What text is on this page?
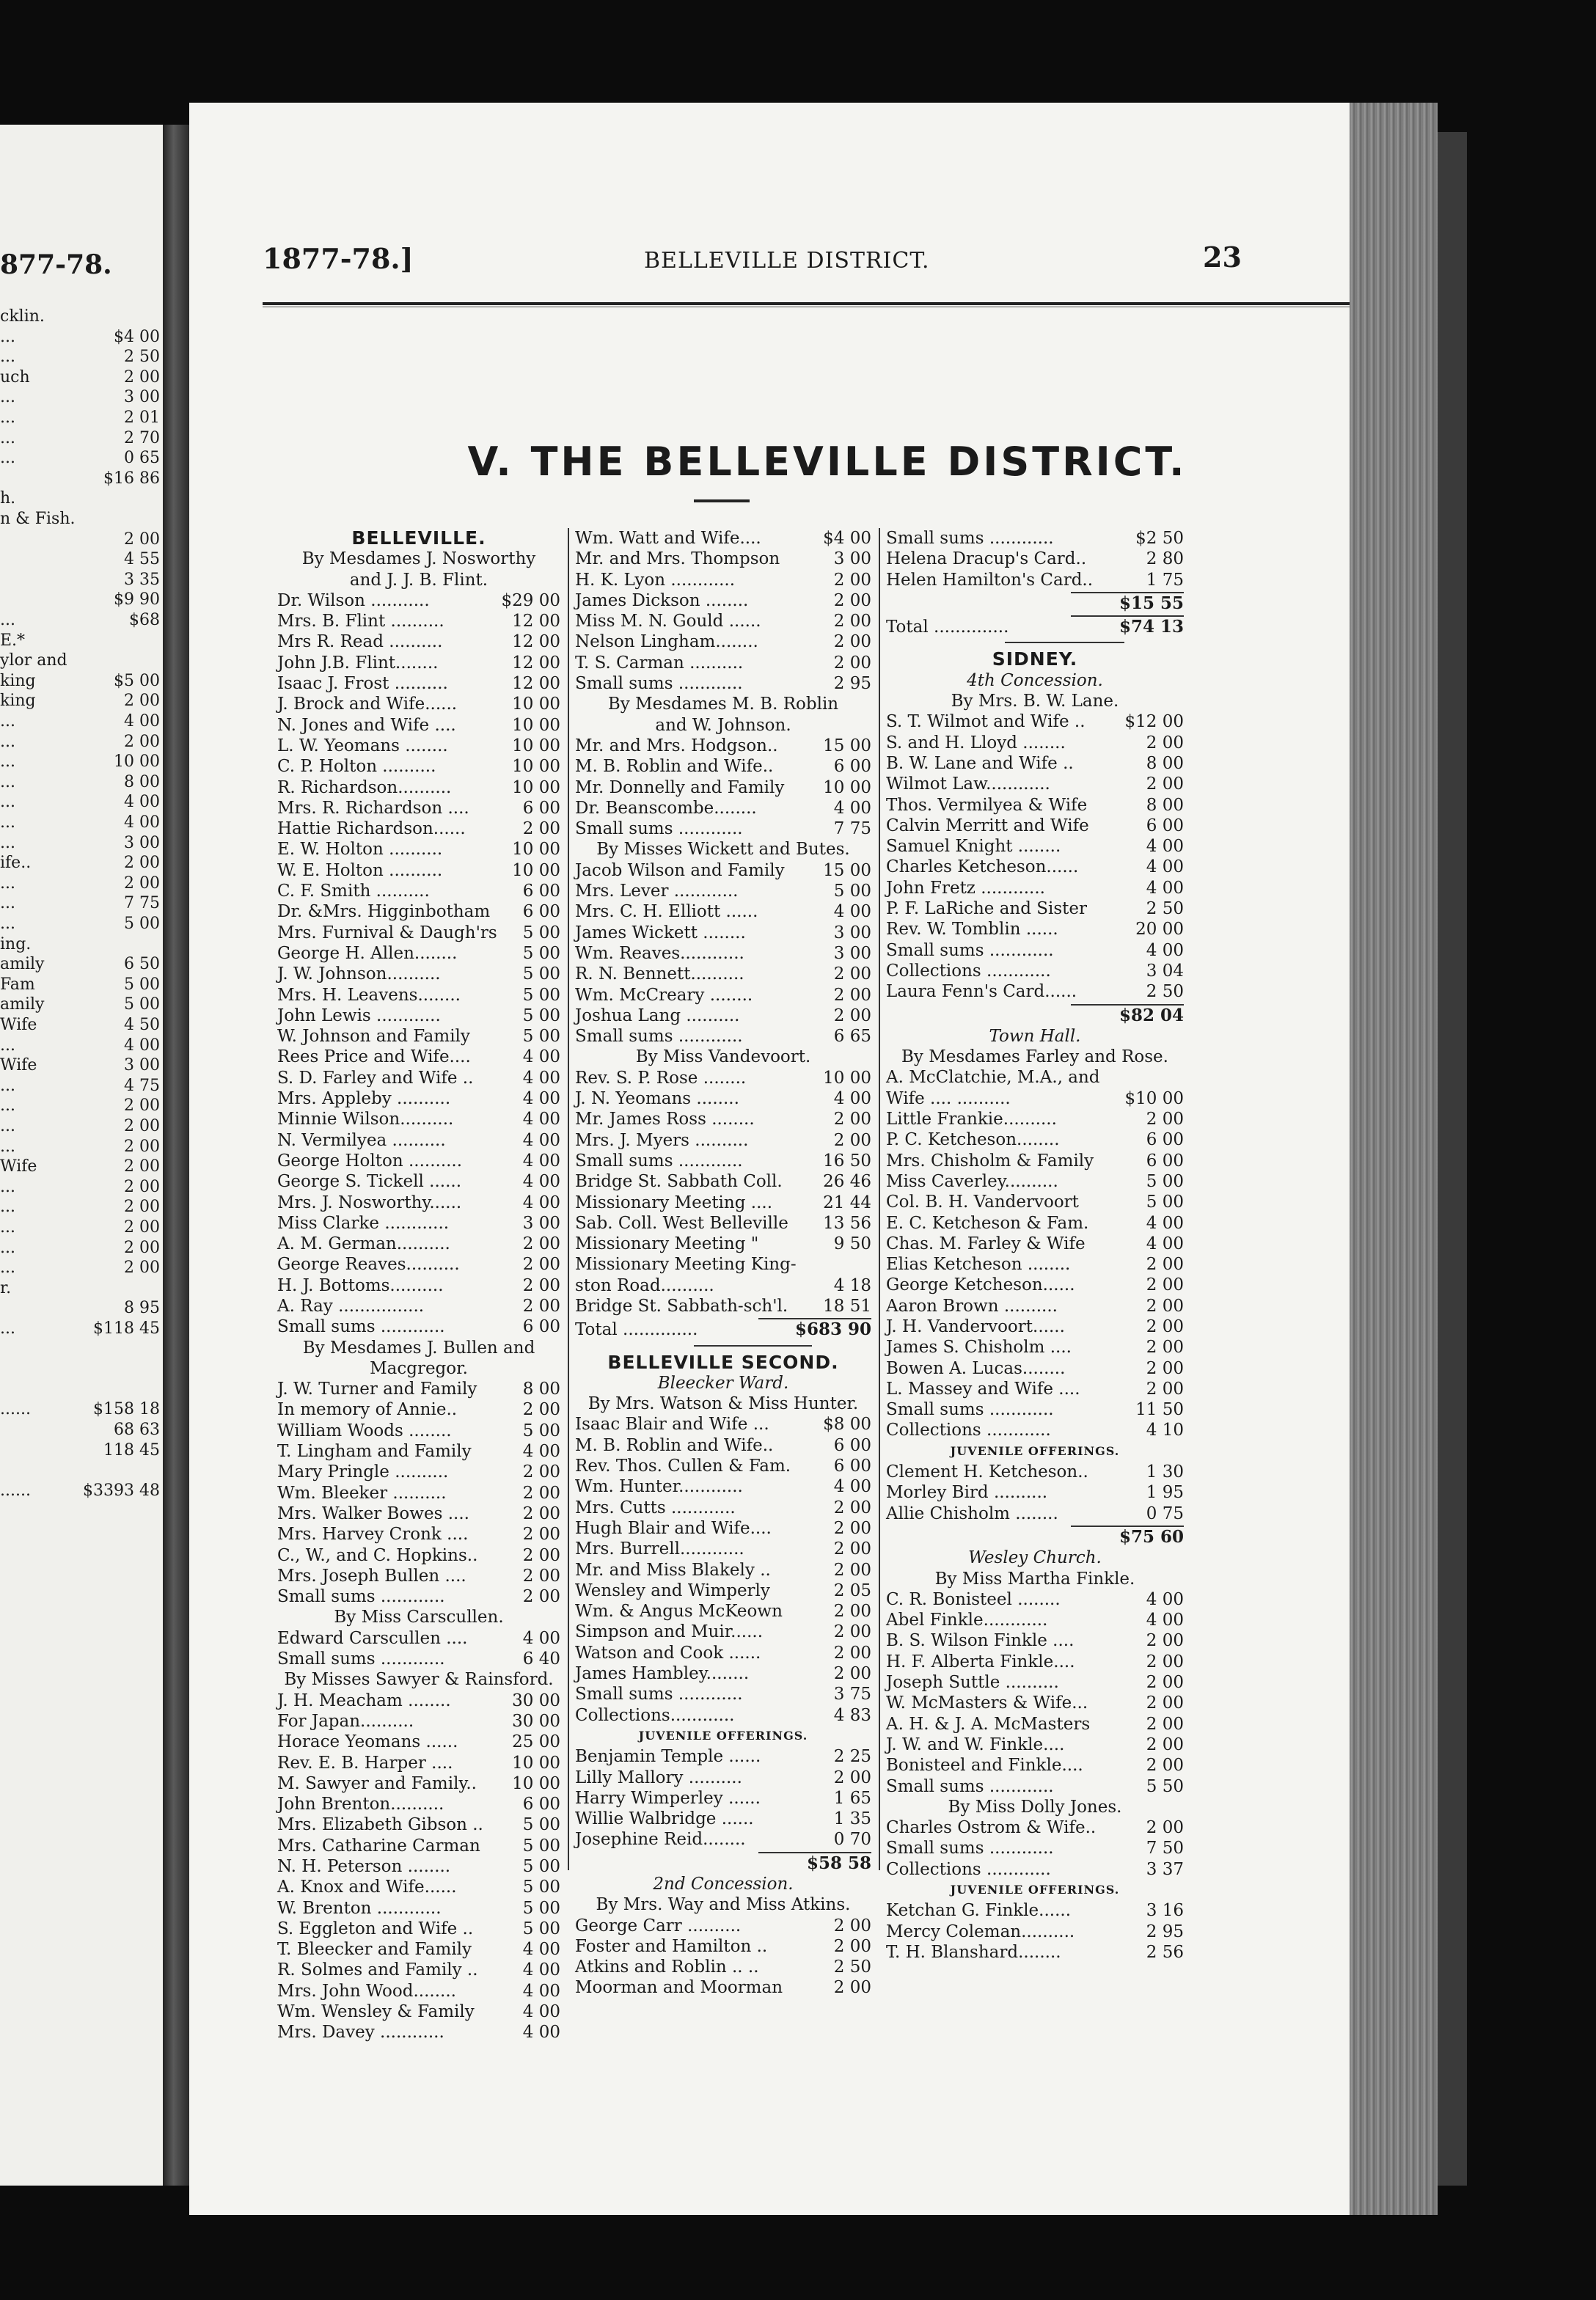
877-78.
cklin.
...	$4 00
...	2 50
uch	2 00
...	3 00
...	2 01
...	2 70
...	0 65
$16 86
h.
n & Fish.
2 00
4 55
3 35
$9 90
...	$68
E.*
ylor and
king	$5 00
king	2 00
...	4 00
...	2 00
...	10 00
...	8 00
...	4 00
...	4 00
...	3 00
ife..	2 00
...	2 00
...	7 75
...	5 00
ing.
amily	6 50
Fam	5 00
amily	5 00
Wife	4 50
...	4 00
Wife	3 00
...	4 75
...	2 00
...	2 00
...	2 00
Wife	2 00
...	2 00
...	2 00
...	2 00
...	2 00
...	2 00
r.
8 95
...	$118 45
......	$158 18
68 63
118 45
......	$3393 48
1877-78.]	BELLEVILLE DISTRICT.	23
V. THE BELLEVILLE DISTRICT.
BELLEVILLE.
By Mesdames J. Nosworthy
and J. J. B. Flint.
Dr. Wilson ...........	$29 00
Mrs. B. Flint ..........	12 00
Mrs R. Read ..........	12 00
John J.B. Flint........	12 00
Isaac J. Frost ..........	12 00
J. Brock and Wife......	10 00
N. Jones and Wife ....	10 00
L. W. Yeomans ........	10 00
C. P. Holton ..........	10 00
R. Richardson..........	10 00
Mrs. R. Richardson ....	6 00
Hattie Richardson......	2 00
E. W. Holton ..........	10 00
W. E. Holton ..........	10 00
C. F. Smith ..........	6 00
Dr. &Mrs. Higginbotham 6 00
Mrs. Furnival & Daugh'rs 5 00
George H. Allen........	5 00
J. W. Johnson..........	5 00
Mrs. H. Leavens........	5 00
John Lewis ............	5 00
W. Johnson and Family	5 00
Rees Price and Wife....	4 00
S. D. Farley and Wife ..	4 00
Mrs. Appleby ..........	4 00
Minnie Wilson..........	4 00
N. Vermilyea ..........	4 00
George Holton ..........	4 00
George S. Tickell ......	4 00
Mrs. J. Nosworthy......	4 00
Miss Clarke ............	3 00
A. M. German..........	2 00
George Reaves..........	2 00
H. J. Bottoms..........	2 00
A. Ray ................	2 00
Small sums ............	6 00
By Mesdames J. Bullen and
Macgregor.
J. W. Turner and Family	8 00
In memory of Annie..	2 00
William Woods ........	5 00
T. Lingham and Family	4 00
Mary Pringle ..........	2 00
Wm. Bleeker ..........	2 00
Mrs. Walker Bowes ....	2 00
Mrs. Harvey Cronk ....	2 00
C., W., and C. Hopkins..	2 00
Mrs. Joseph Bullen ....	2 00
Small sums ............	2 00
By Miss Carscullen.
Edward Carscullen ....	4 00
Small sums ............	6 40
By Misses Sawyer & Rainsford.
J. H. Meacham ........	30 00
For Japan..........	30 00
Horace Yeomans ......	25 00
Rev. E. B. Harper ....	10 00
M. Sawyer and Family.. 10 00
John Brenton..........	6 00
Mrs. Elizabeth Gibson .. 5 00
Mrs. Catharine Carman	5 00
N. H. Peterson ........	5 00
A. Knox and Wife......	5 00
W. Brenton ............	5 00
S. Eggleton and Wife ..	5 00
T. Bleecker and Family	4 00
R. Solmes and Family ..	4 00
Mrs. John Wood........	4 00
Wm. Wensley & Family	4 00
Mrs. Davey ............	4 00
Wm. Watt and Wife....	$4 00
Mr. and Mrs. Thompson	3 00
H. K. Lyon ............	2 00
James Dickson ........	2 00
Miss M. N. Gould ......	2 00
Nelson Lingham........	2 00
T. S. Carman ..........	2 00
Small sums ............	2 95
By Mesdames M. B. Roblin
and W. Johnson.
Mr. and Mrs. Hodgson..	15 00
M. B. Roblin and Wife..	6 00
Mr. Donnelly and Family 10 00
Dr. Beanscombe........	4 00
Small sums ............	7 75
By Misses Wickett and Butes.
Jacob Wilson and Family 15 00
Mrs. Lever ............	5 00
Mrs. C. H. Elliott ......	4 00
James Wickett ........	3 00
Wm. Reaves............	3 00
R. N. Bennett..........	2 00
Wm. McCreary ........	2 00
Joshua Lang ..........	2 00
Small sums ............	6 65
By Miss Vandevoort.
Rev. S. P. Rose ........	10 00
J. N. Yeomans ........	4 00
Mr. James Ross ........	2 00
Mrs. J. Myers ..........	2 00
Small sums ............	16 50
Bridge St. Sabbath Coll. 26 46
Missionary Meeting ....	21 44
Sab. Coll. West Belleville 13 56
Missionary Meeting "	9 50
Missionary Meeting King-
ston Road..........	4 18
Bridge St. Sabbath-sch'l. 18 51
Total ..............	$683 90
BELLEVILLE SECOND.
Bleecker Ward.
By Mrs. Watson & Miss Hunter.
Isaac Blair and Wife ...	$8 00
M. B. Roblin and Wife..	6 00
Rev. Thos. Cullen & Fam.	6 00
Wm. Hunter............	4 00
Mrs. Cutts ............	2 00
Hugh Blair and Wife....	2 00
Mrs. Burrell............	2 00
Mr. and Miss Blakely ..	2 00
Wensley and Wimperly	2 05
Wm. & Angus McKeown	2 00
Simpson and Muir......	2 00
Watson and Cook ......	2 00
James Hambley........	2 00
Small sums ............	3 75
Collections............	4 83
JUVENILE OFFERINGS.
Benjamin Temple ......	2 25
Lilly Mallory ..........	2 00
Harry Wimperley ......	1 65
Willie Walbridge ......	1 35
Josephine Reid........	0 70
$58 58
2nd Concession.
By Mrs. Way and Miss Atkins.
George Carr ..........	2 00
Foster and Hamilton ..	2 00
Atkins and Roblin .. ..	2 50
Moorman and Moorman	2 00
Small sums ............	$2 50
Helena Dracup's Card..	2 80
Helen Hamilton's Card..	1 75
$15 55
Total ..............	$74 13
SIDNEY.
4th Concession.
By Mrs. B. W. Lane.
S. T. Wilmot and Wife .. $12 00
S. and H. Lloyd ........	2 00
B. W. Lane and Wife ..	8 00
Wilmot Law............	2 00
Thos. Vermilyea & Wife	8 00
Calvin Merritt and Wife	6 00
Samuel Knight ........	4 00
Charles Ketcheson......	4 00
John Fretz ............	4 00
P. F. LaRiche and Sister	2 50
Rev. W. Tomblin ......	20 00
Small sums ............	4 00
Collections ............	3 04
Laura Fenn's Card......	2 50
$82 04
Town Hall.
By Mesdames Farley and Rose.
A. McClatchie, M.A., and
Wife .... ..........	$10 00
Little Frankie..........	2 00
P. C. Ketcheson........	6 00
Mrs. Chisholm & Family	6 00
Miss Caverley..........	5 00
Col. B. H. Vandervoort	5 00
E. C. Ketcheson & Fam.	4 00
Chas. M. Farley & Wife	4 00
Elias Ketcheson ........	2 00
George Ketcheson......	2 00
Aaron Brown ..........	2 00
J. H. Vandervoort......	2 00
James S. Chisholm ....	2 00
Bowen A. Lucas........	2 00
L. Massey and Wife ....	2 00
Small sums ............	11 50
Collections ............	4 10
JUVENILE OFFERINGS.
Clement H. Ketcheson..	1 30
Morley Bird ..........	1 95
Allie Chisholm ........	0 75
$75 60
Wesley Church.
By Miss Martha Finkle.
C. R. Bonisteel ........	4 00
Abel Finkle............	4 00
B. S. Wilson Finkle ....	2 00
H. F. Alberta Finkle....	2 00
Joseph Suttle ..........	2 00
W. McMasters & Wife...	2 00
A. H. & J. A. McMasters	2 00
J. W. and W. Finkle....	2 00
Bonisteel and Finkle....	2 00
Small sums ............	5 50
By Miss Dolly Jones.
Charles Ostrom & Wife..	2 00
Small sums ............	7 50
Collections ............	3 37
JUVENILE OFFERINGS.
Ketchan G. Finkle......	3 16
Mercy Coleman..........	2 95
T. H. Blanshard........	2 56
